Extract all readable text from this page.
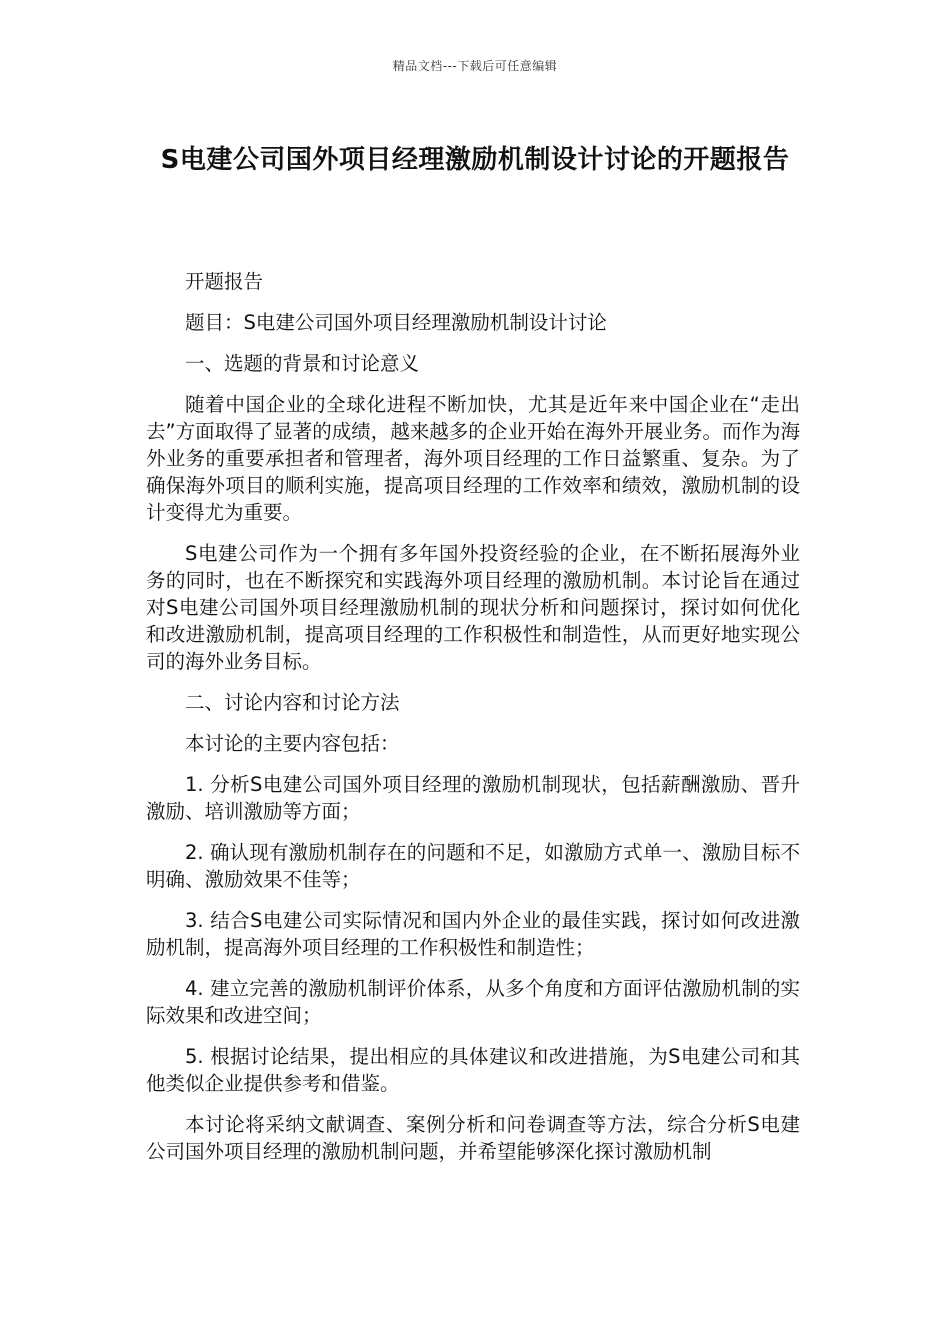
精品文档---下载后可任意编辑
S电建公司国外项目经理激励机制设计讨论的开题报告

开题报告

题目：S电建公司国外项目经理激励机制设计讨论

一、选题的背景和讨论意义

随着中国企业的全球化进程不断加快，尤其是近年来中国企业在“走出去”方面取得了显著的成绩，越来越多的企业开始在海外开展业务。而作为海外业务的重要承担者和管理者，海外项目经理的工作日益繁重、复杂。为了确保海外项目的顺利实施，提高项目经理的工作效率和绩效，激励机制的设计变得尤为重要。

S电建公司作为一个拥有多年国外投资经验的企业，在不断拓展海外业务的同时，也在不断探究和实践海外项目经理的激励机制。本讨论旨在通过对S电建公司国外项目经理激励机制的现状分析和问题探讨，探讨如何优化和改进激励机制，提高项目经理的工作积极性和制造性，从而更好地实现公司的海外业务目标。

二、讨论内容和讨论方法

本讨论的主要内容包括：

1. 分析S电建公司国外项目经理的激励机制现状，包括薪酬激励、晋升激励、培训激励等方面；

2. 确认现有激励机制存在的问题和不足，如激励方式单一、激励目标不明确、激励效果不佳等；

3. 结合S电建公司实际情况和国内外企业的最佳实践，探讨如何改进激励机制，提高海外项目经理的工作积极性和制造性；

4. 建立完善的激励机制评价体系，从多个角度和方面评估激励机制的实际效果和改进空间；

5. 根据讨论结果，提出相应的具体建议和改进措施，为S电建公司和其他类似企业提供参考和借鉴。

本讨论将采纳文献调查、案例分析和问卷调查等方法，综合分析S电建公司国外项目经理的激励机制问题，并希望能够深化探讨激励机制
